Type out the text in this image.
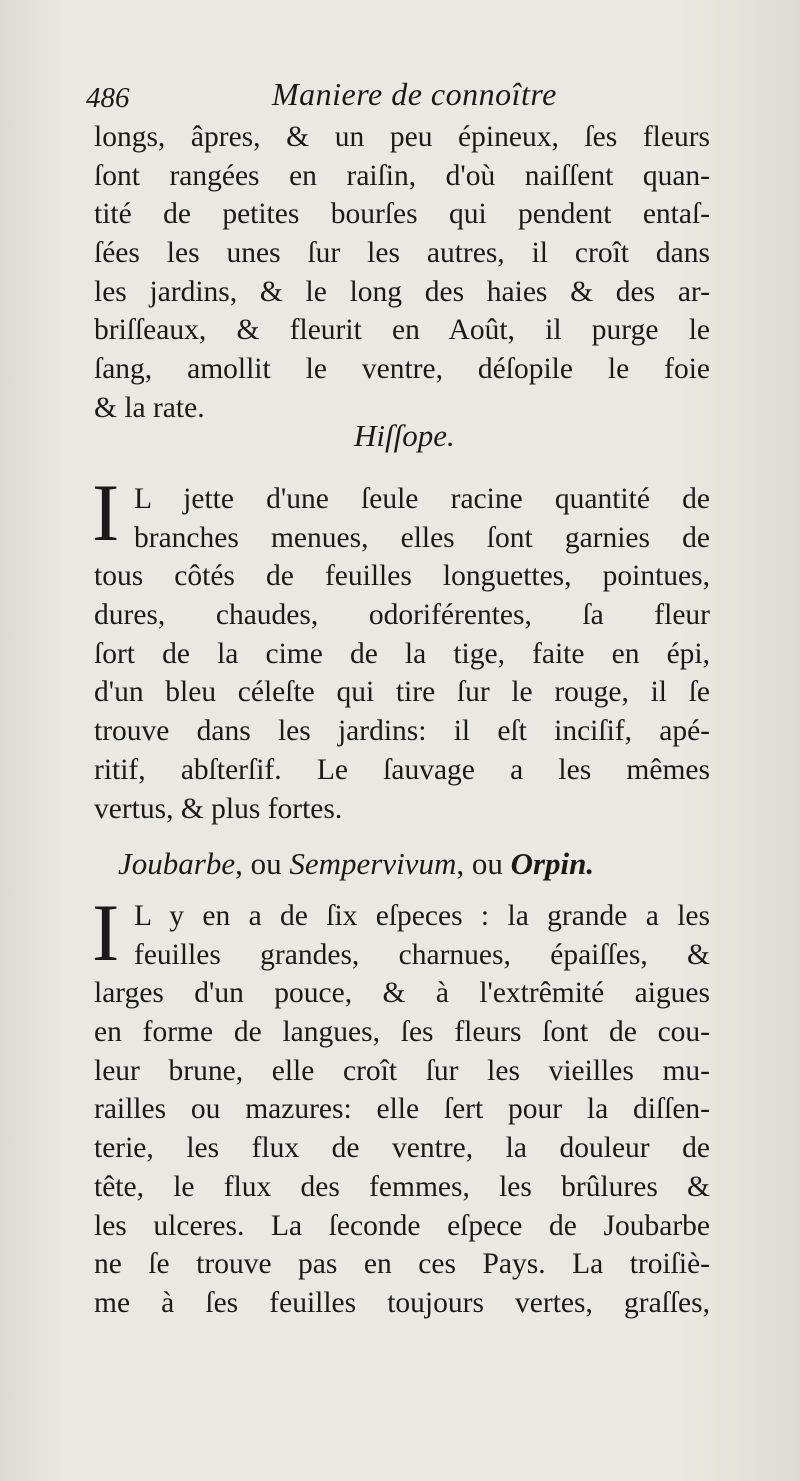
486	Maniere de connoître
longs, âpres, & un peu épineux, ſes fleurs
ſont rangées en raiſin, d'où naiſſent quan-
tité de petites bourſes qui pendent entaſ-
ſées les unes ſur les autres, il croît dans
les jardins, & le long des haies & des ar-
briſſeaux, & fleurit en Août, il purge le
ſang, amollit le ventre, déſopile le foie
& la rate.
Hiſſope.
I L jette d'une ſeule racine quantité de
branches menues, elles ſont garnies de
tous côtés de feuilles longuettes, pointues,
dures, chaudes, odoriférentes, ſa fleur
ſort de la cime de la tige, faite en épi,
d'un bleu céleſte qui tire ſur le rouge, il ſe
trouve dans les jardins: il eſt inciſif, apé-
ritif, abſterſif. Le ſauvage a les mêmes
vertus, & plus fortes.
Joubarbe, ou Sempervivum, ou Orpin.
I L y en a de ſix eſpeces : la grande a les
feuilles grandes, charnues, épaiſſes, &
larges d'un pouce, & à l'extrêmité aigues
en forme de langues, ſes fleurs ſont de cou-
leur brune, elle croît ſur les vieilles mu-
railles ou mazures: elle ſert pour la diſſen-
terie, les flux de ventre, la douleur de
tête, le flux des femmes, les brûlures &
les ulceres. La ſeconde eſpece de Joubarbe
ne ſe trouve pas en ces Pays. La troiſiè-
me à ſes feuilles toujours vertes, graſſes,
